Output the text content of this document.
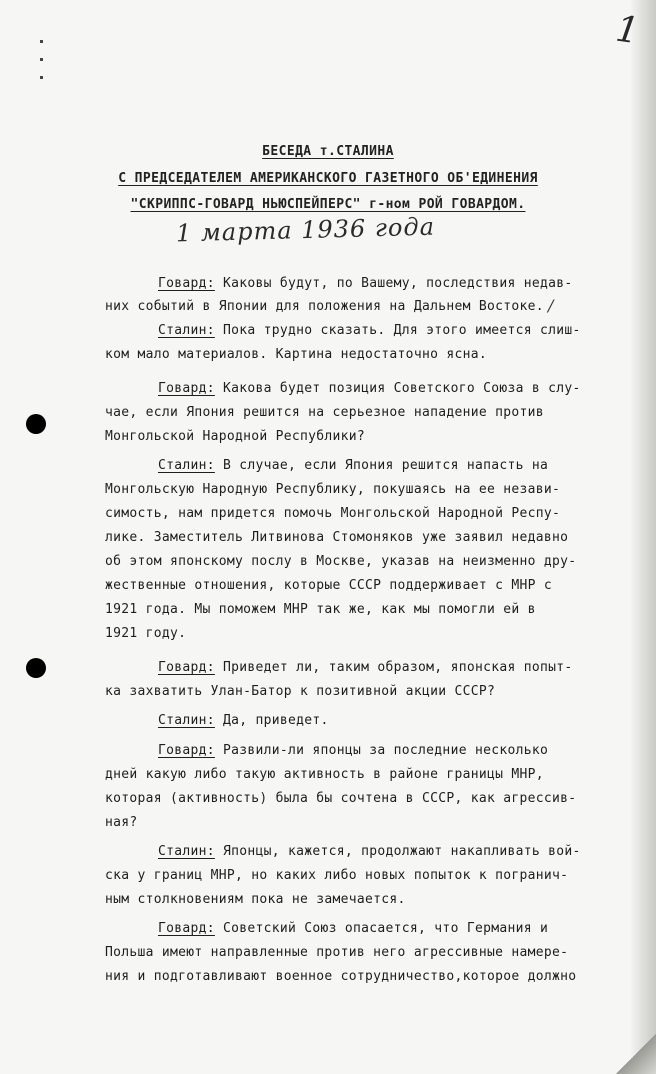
1
БЕСЕДА т.СТАЛИНА
С ПРЕДСЕДАТЕЛЕМ АМЕРИКАНСКОГО ГАЗЕТНОГО ОБ'ЕДИНЕНИЯ
"СКРИППС-ГОВАРД НЬЮСПЕЙПЕРС" г-ном РОЙ ГОВАРДОМ.
1 марта 1936 года
/
Говард: Каковы будут, по Вашему, последствия недав-
них событий в Японии для положения на Дальнем Востоке.
Сталин: Пока трудно сказать. Для этого имеется слиш-
ком мало материалов. Картина недостаточно ясна.
Говард: Какова будет позиция Советского Союза в слу-
чае, если Япония решится на серьезное нападение против
Монгольской Народной Республики?
Сталин: В случае, если Япония решится напасть на
Монгольскую Народную Республику, покушаясь на ее незави-
симость, нам придется помочь Монгольской Народной Респу-
лике. Заместитель Литвинова Стомоняков уже заявил недавно
об этом японскому послу в Москве, указав на неизменно дру-
жественные отношения, которые СССР поддерживает с МНР с
1921 года. Мы поможем МНР так же, как мы помогли ей в
1921 году.
Говард: Приведет ли, таким образом, японская попыт-
ка захватить Улан-Батор к позитивной акции СССР?
Сталин: Да, приведет.
Говард: Развили-ли японцы за последние несколько
дней какую либо такую активность в районе границы МНР,
которая (активность) была бы сочтена в СССР, как агрессив-
ная?
Сталин: Японцы, кажется, продолжают накапливать вой-
ска у границ МНР, но каких либо новых попыток к погранич-
ным столкновениям пока не замечается.
Говард: Советский Союз опасается, что Германия и
Польша имеют направленные против него агрессивные намере-
ния и подготавливают военное сотрудничество,которое должно
